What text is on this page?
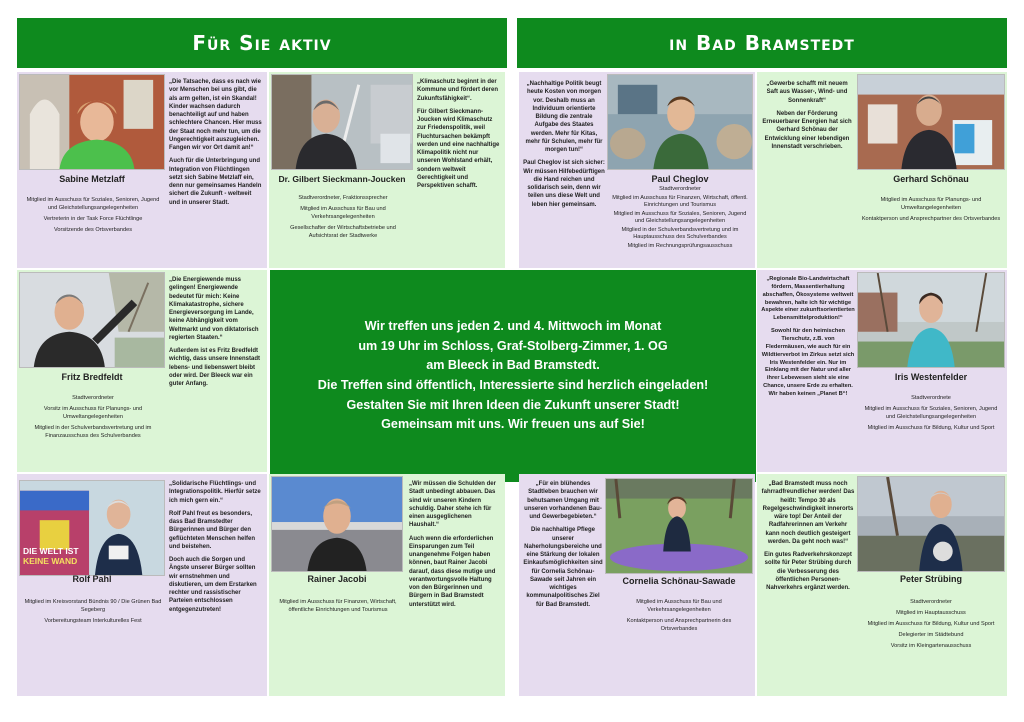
Für Sie aktiv	in Bad Bramstedt
Sabine Metzlaff
Mitglied im Ausschuss für Soziales, Senioren, Jugend und Gleichstellungsangelegenheiten
Vertreterin in der Task Force Flüchtlinge
Vorsitzende des Ortsverbandes

„Die Tatsache, dass es nach wie vor Menschen bei uns gibt, die als arm gelten, ist ein Skandal! Kinder wachsen dadurch benachteiligt auf und haben schlechtere Chancen. Hier muss der Staat noch mehr tun, um die Ungerechtigkeit auszugleichen. Fangen wir vor Ort damit an!“

Auch für die Unterbringung und Integration von Flüchtlingen setzt sich Sabine Metzlaff ein, denn nur gemeinsames Handeln sichert die Zukunft - weltweit und in unserer Stadt.

Dr. Gilbert Sieckmann-Joucken
Stadtverordneter, Fraktionssprecher
Mitglied im Ausschuss für Bau und Verkehrsangelegenheiten
Gesellschafter der Wirtschaftsbetriebe und Aufsichtsrat der Stadtwerke

„Klimaschutz beginnt in der Kommune und fördert deren Zukunftsfähigkeit“.

Für Gilbert Sieckmann-Joucken wird Klimaschutz zur Friedenspolitik, weil Fluchtursachen bekämpft werden und eine nachhaltige Klimapolitik nicht nur unseren Wohlstand erhält, sondern weltweit Gerechtigkeit und Perspektiven schafft.

Paul Cheglov
Stadtverordneter
Mitglied im Ausschuss für Finanzen, Wirtschaft, öffentl. Einrichtungen und Tourismus
Mitglied im Ausschuss für Soziales, Senioren, Jugend und Gleichstellungsangelegenheiten
Mitglied in der Schulverbandsvertretung und im Hauptausschuss des Schulverbandes
Mitglied im Rechnungsprüfungsausschuss

„Nachhaltige Politik beugt heute Kosten von morgen vor. Deshalb muss an Individuum orientierte Bildung die zentrale Aufgabe des Staates werden. Mehr für Kitas, mehr für Schulen, mehr für morgen tun!“

Paul Cheglov ist sich sicher: Wir müssen Hilfebedürftigen die Hand reichen und solidarisch sein, denn wir teilen uns diese Welt und leben hier gemeinsam.

Gerhard Schönau
Mitglied im Ausschuss für Planungs- und Umweltangelegenheiten
Kontaktperson und Ansprechpartner des Ortsverbandes

„Gewerbe schafft mit neuem Saft aus Wasser-, Wind- und Sonnenkraft“

Neben der Förderung Erneuerbarer Energien hat sich Gerhard Schönau der Entwicklung einer lebendigen Innenstadt verschrieben.

Fritz Bredfeldt
Stadtverordneter
Vorsitz im Ausschuss für Planungs- und Umweltangelegenheiten
Mitglied in der Schulverbandsvertretung und im Finanzausschuss des Schulverbandes

„Die Energiewende muss gelingen! Energiewende bedeutet für mich: Keine Klimakatastrophe, sichere Energieversorgung im Lande, keine Abhängigkeit vom Weltmarkt und von diktatorisch regierten Staaten.“

Außerdem ist es Fritz Bredfeldt wichtig, dass unsere Innenstadt lebens- und liebenswert bleibt oder wird. Der Bleeck war ein guter Anfang.

Wir treffen uns jeden 2. und 4. Mittwoch im Monat
um 19 Uhr im Schloss, Graf-Stolberg-Zimmer, 1. OG
am Bleeck in Bad Bramstedt.
Die Treffen sind öffentlich, Interessierte sind herzlich eingeladen!
Gestalten Sie mit Ihren Ideen die Zukunft unserer Stadt!
Gemeinsam mit uns. Wir freuen uns auf Sie!
Iris Westenfelder
Stadtverordnete
Mitglied im Ausschuss für Soziales, Senioren, Jugend und Gleichstellungsangelegenheiten
Mitglied im Ausschuss für Bildung, Kultur und Sport

„Regionale Bio-Landwirtschaft fördern, Massentierhaltung abschaffen, Ökosysteme weltweit bewahren, halte ich für wichtige Aspekte einer zukunftsorientierten Lebensmittelproduktion!“

Sowohl für den heimischen Tierschutz, z.B. von Fledermäusen, wie auch für ein Wildtierverbot im Zirkus setzt sich Iris Westenfelder ein. Nur im Einklang mit der Natur und aller ihrer Lebewesen sieht sie eine Chance, unsere Erde zu erhalten. Wir haben keinen „Planet B“!

DIE WELT IST
KEINE WAND
Rolf Pahl
Mitglied im Kreisvorstand Bündnis 90 / Die Grünen Bad Segeberg
Vorbereitungsteam Interkulturelles Fest

„Solidarische Flüchtlings- und Integrationspolitik. Hierfür setze ich mich gern ein.“

Rolf Pahl freut es besonders, dass Bad Bramstedter Bürgerinnen und Bürger den geflüchteten Menschen helfen und beistehen.

Doch auch die Sorgen und Ängste unserer Bürger sollten wir ernstnehmen und diskutieren, um dem Erstarken rechter und rassistischer Parteien entschlossen entgegenzutreten!

Rainer Jacobi
Mitglied im Ausschuss für Finanzen, Wirtschaft, öffentliche Einrichtungen und Tourismus

„Wir müssen die Schulden der Stadt unbedingt abbauen. Das sind wir unseren Kindern schuldig. Daher stehe ich für einen ausgeglichenen Haushalt.“

Auch wenn die erforderlichen Einsparungen zum Teil unangenehme Folgen haben können, baut Rainer Jacobi darauf, dass diese mutige und verantwortungsvolle Haltung von den Bürgerinnen und Bürgern in Bad Bramstedt unterstützt wird.

Cornelia Schönau-Sawade
Mitglied im Ausschuss für Bau und Verkehrsangelegenheiten
Kontaktperson und Ansprechpartnerin des Ortsverbandes

„Für ein blühendes Stadtleben brauchen wir behutsamen Umgang mit unseren vorhandenen Bau- und Gewerbegebieten.“

Die nachhaltige Pflege unserer Naherholungsbereiche und eine Stärkung der lokalen Einkaufsmöglichkeiten sind für Cornelia Schönau-Sawade seit Jahren ein wichtiges kommunalpolitisches Ziel für Bad Bramstedt.

Peter Strübing
Stadtverordneter
Mitglied im Hauptausschuss
Mitglied im Ausschuss für Bildung, Kultur und Sport
Delegierter im Städtebund
Vorsitz im Kleingartenausschuss

„Bad Bramstedt muss noch fahrradfreundlicher werden! Das heißt: Tempo 30 als Regelgeschwindigkeit innerorts wäre top! Der Anteil der Radfahrerinnen am Verkehr kann noch deutlich gesteigert werden. Da geht noch was!“

Ein gutes Radverkehrskonzept sollte für Peter Strübing durch die Verbesserung des öffentlichen Personen-Nahverkehrs ergänzt werden.
